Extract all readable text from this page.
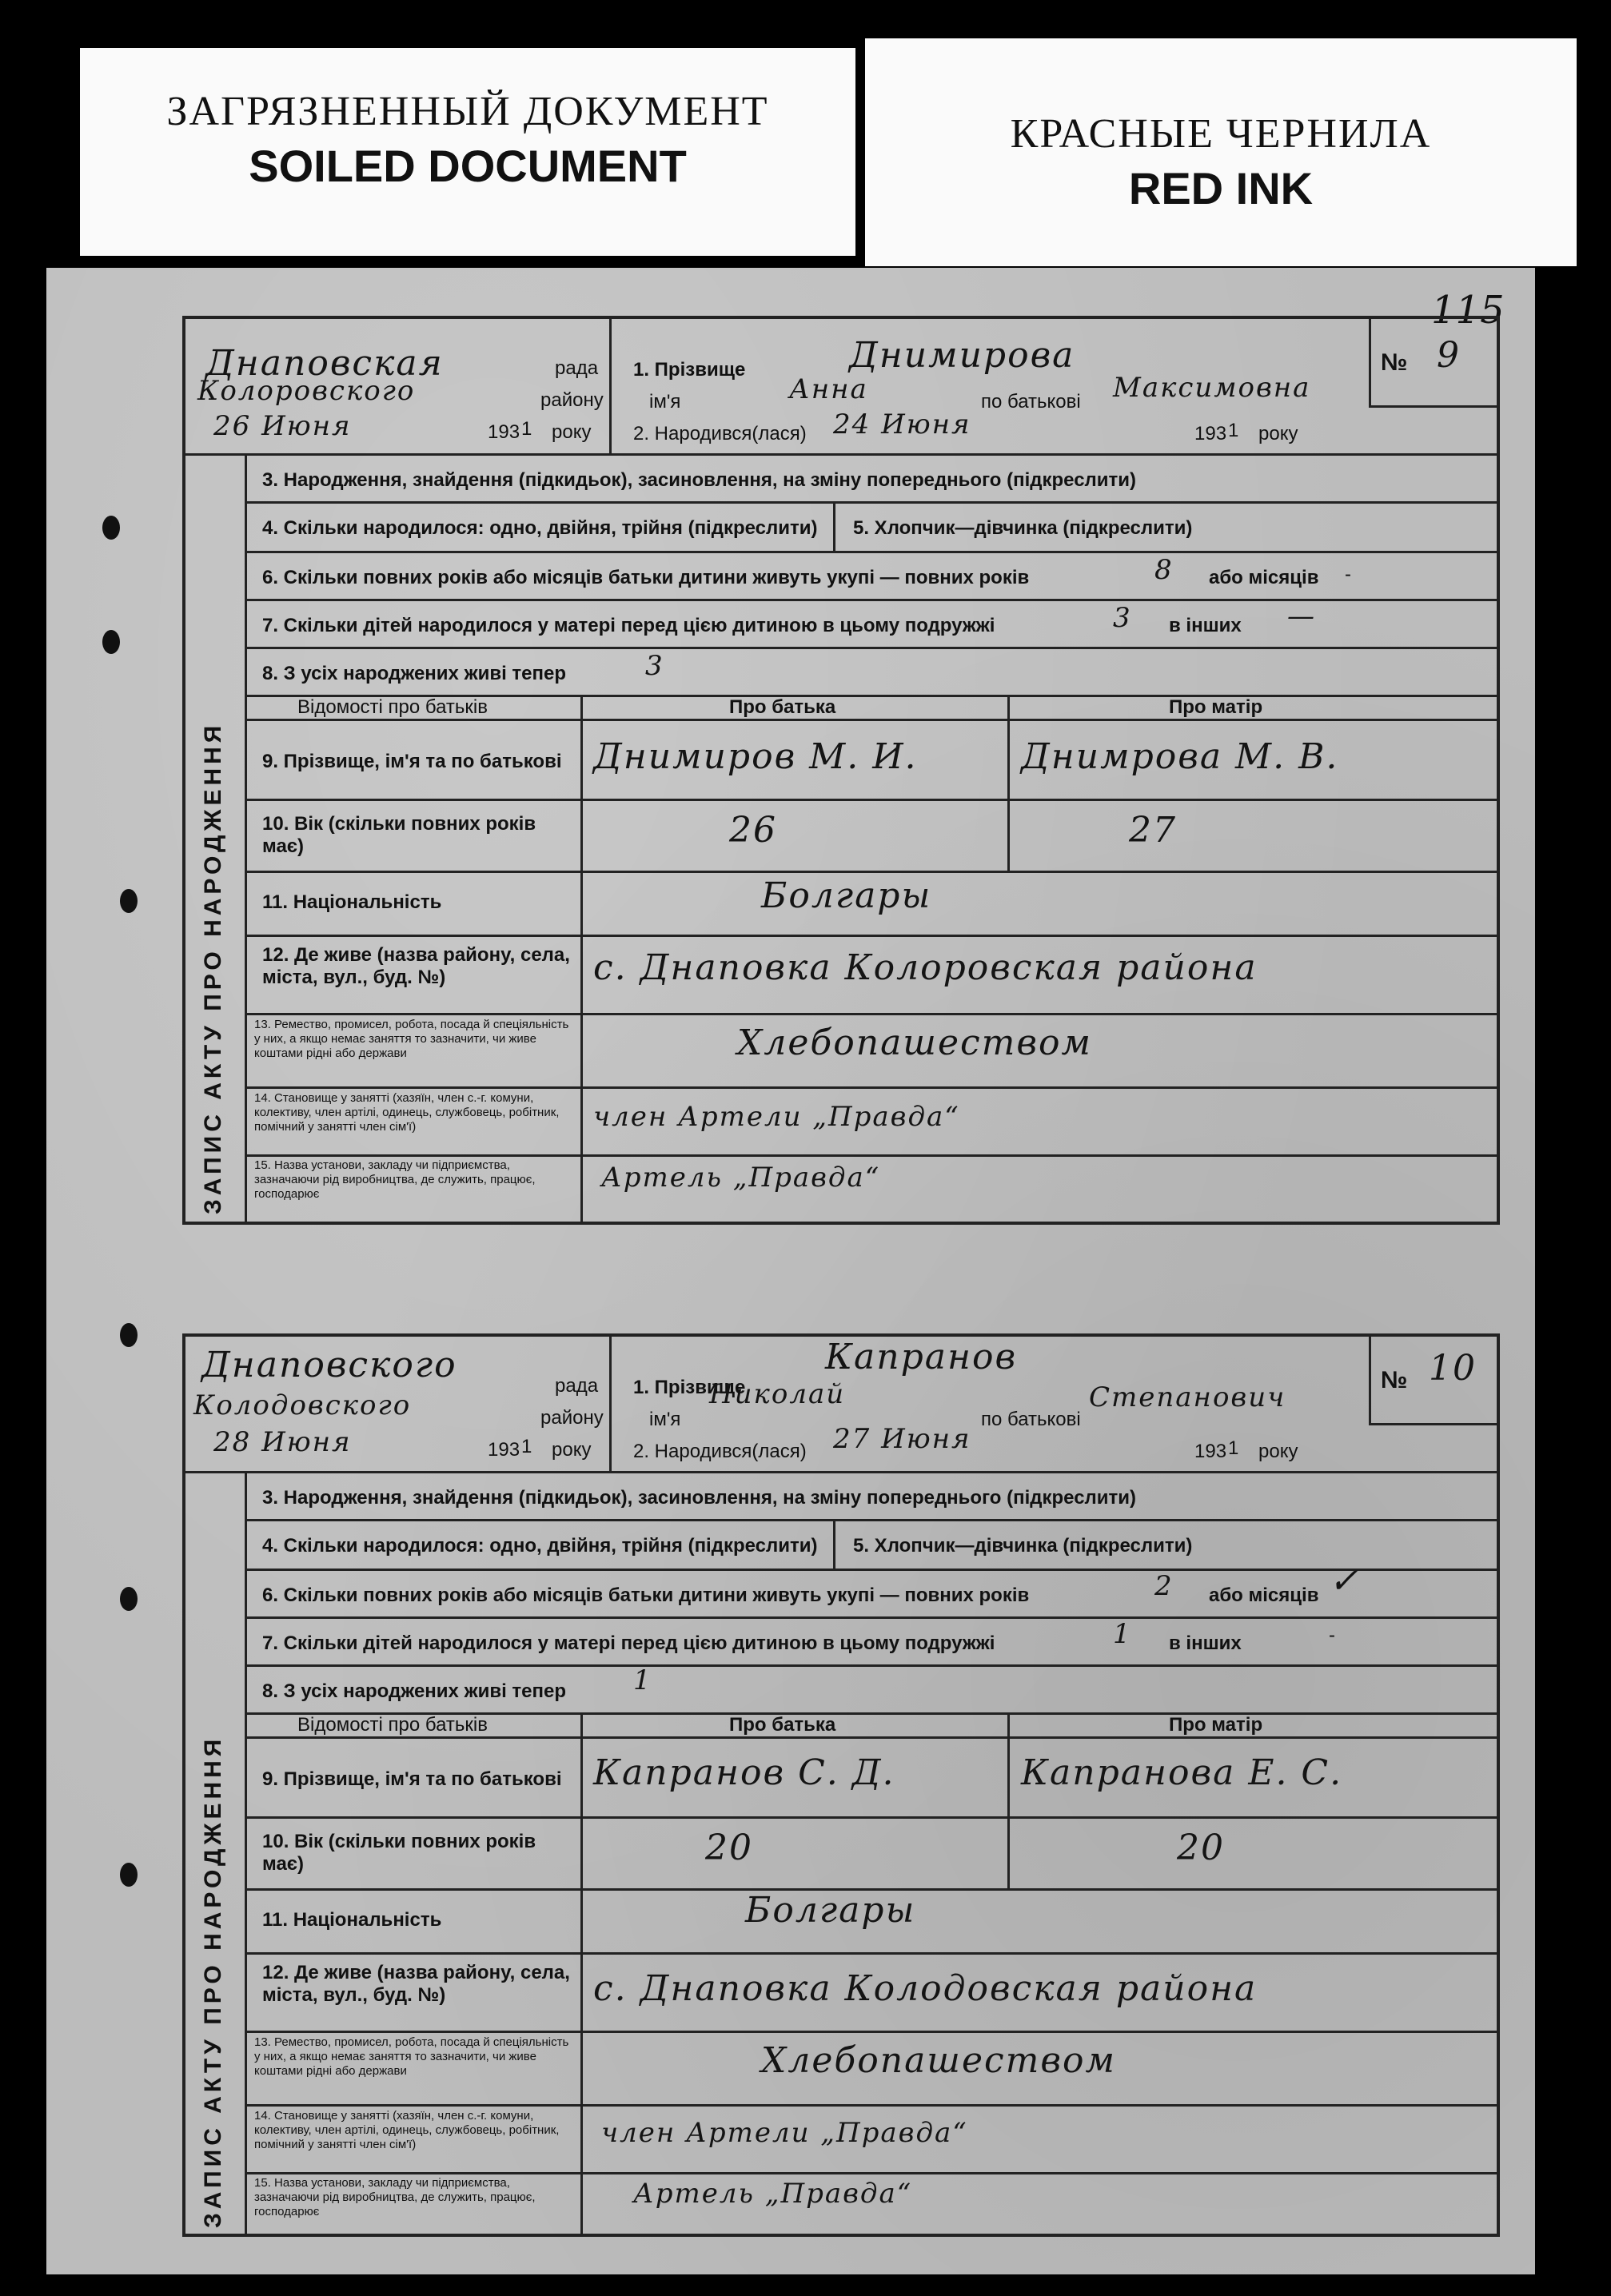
ЗАГРЯЗНЕННЫЙ ДОКУМЕНТ
SOILED DOCUMENT
КРАСНЫЕ ЧЕРНИЛА
RED INK
115
ЗАПИС АКТУ ПРО НАРОДЖЕННЯ
Днаповская	рада
Колоровского	району
26 Июня	193 1 року
1. Прізвище	Днимирова
ім'я	Анна	по батькові Максимовна
2. Народився(лася) 24 Июня	193 1 року
№ 9
3. Народження, знайдення (підкидьок), засиновлення, на зміну попереднього (підкреслити)
4. Скільки народилося: одно, двійня, трійня (підкреслити) 5. Хлопчик—дівчинка (підкреслити)
6. Скільки повних років або місяців батьки дитини живуть укупі — повних років	8 або місяців -
7. Скільки дітей народилося у матері перед цією дитиною в цьому подружжі	3 в інших —
8. З усіх народжених живі тепер	3
Відомості про батьків	Про батька	Про матір
9. Прізвище, ім'я та по батькові Днимиров М. И.	Днимрова М. В.
10. Вік (скільки повних років має)	26	27
11. Національність	Болгары
12. Де живе (назва району, села, міста, вул., буд. №)	с. Днаповка Колоровская района
13. Ремество, промисел, робота, посада й спеціяльність у них, а якщо немає заняття то зазначити, чи живе коштами рідні або держави	Хлебопашеством
14. Становище у занятті (хазяїн, член с.-г. комуни, колективу, член артілі, одинець, службовець, робітник, помічний у занятті член сім'ї)	член Артели „Правда“
15. Назва установи, закладу чи підприємства, зазначаючи рід виробництва, де служить, працює, господарює
Артель „Правда“
ЗАПИС АКТУ ПРО НАРОДЖЕННЯ
Днаповского
рада
Колодовского	району
28 Июня	193 1 року
1. Прізвище
Капранов
ім'я
Николай
по батькові
Степанович
2. Народився(лася) 27 Июня	193 1 року
№ 10
3. Народження, знайдення (підкидьок), засиновлення, на зміну попереднього (підкреслити)
4. Скільки народилося: одно, двійня, трійня (підкреслити) 5. Хлопчик—дівчинка (підкреслити)
6. Скільки повних років або місяців батьки дитини живуть укупі — повних років	2 або місяців ✓
7. Скільки дітей народилося у матері перед цією дитиною в цьому подружжі	1 в інших	-
8. З усіх народжених живі тепер 1
Відомості про батьків	Про батька	Про матір
9. Прізвище, ім'я та по батькові Капранов С. Д.	Капранова Е. С.
10. Вік (скільки повних років має)	20	20
11. Національність	Болгары
12. Де живе (назва району, села, міста, вул., буд. №)	с. Днаповка Колодовская района
13. Ремество, промисел, робота, посада й спеціяльність у них, а якщо немає заняття то зазначити, чи живе коштами рідні або держави	Хлебопашеством
14. Становище у занятті (хазяїн, член с.-г. комуни, колективу, член артілі, одинець, службовець, робітник, помічний у занятті член сім'ї)	член Артели „Правда“
15. Назва установи, закладу чи підприємства, зазначаючи рід виробництва, де служить, працює, господарює
Артель „Правда“
